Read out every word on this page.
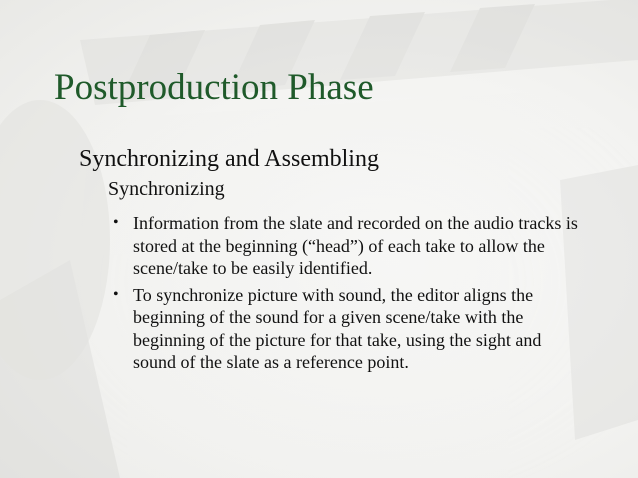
Postproduction Phase
Synchronizing and Assembling
Synchronizing
• Information from the slate and recorded on the audio tracks is stored at the beginning (“head”) of each take to allow the scene/take to be easily identified.
• To synchronize picture with sound, the editor aligns the beginning of the sound for a given scene/take with the beginning of the picture for that take, using the sight and sound of the slate as a reference point.
